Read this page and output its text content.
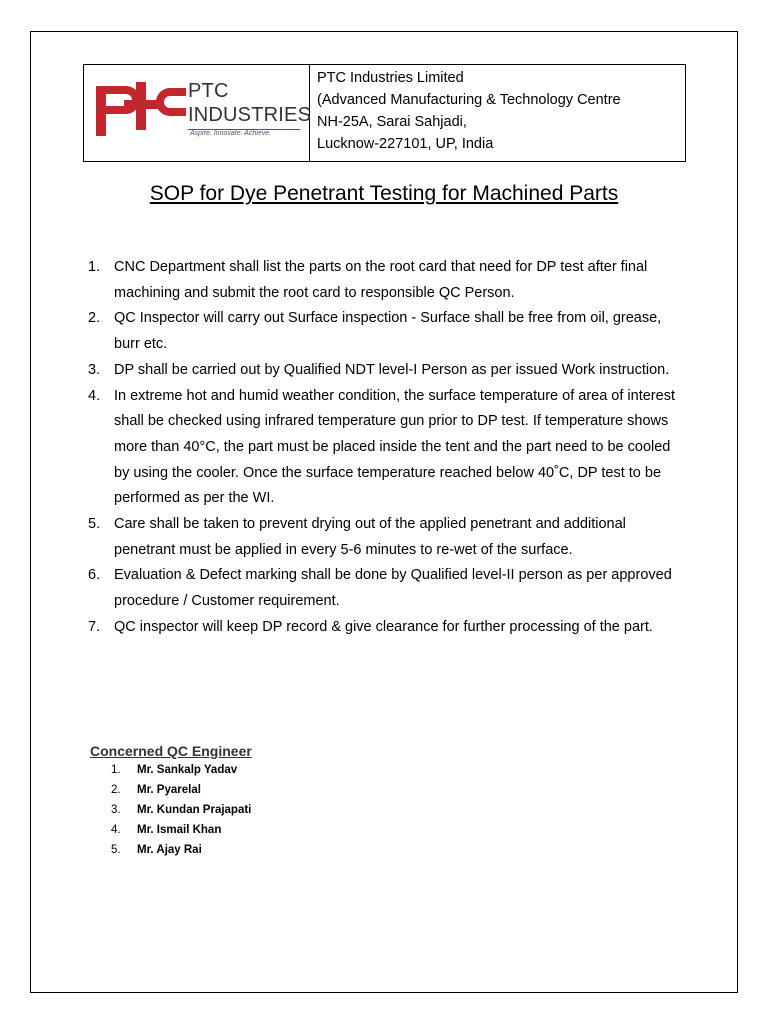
PTC
INDUSTRIES
Aspire. Innovate. Achieve.
PTC Industries Limited
(Advanced Manufacturing & Technology Centre
NH-25A, Sarai Sahjadi,
Lucknow-227101, UP, India
SOP for Dye Penetrant Testing for Machined Parts
1. CNC Department shall list the parts on the root card that need for DP test after final machining and submit the root card to responsible QC Person.
2. QC Inspector will carry out Surface inspection - Surface shall be free from oil, grease, burr etc.
3. DP shall be carried out by Qualified NDT level-I Person as per issued Work instruction.
4. In extreme hot and humid weather condition, the surface temperature of area of interest shall be checked using infrared temperature gun prior to DP test. If temperature shows more than 40°C, the part must be placed inside the tent and the part need to be cooled by using the cooler. Once the surface temperature reached below 40˚C, DP test to be performed as per the WI.
5. Care shall be taken to prevent drying out of the applied penetrant and additional penetrant must be applied in every 5-6 minutes to re-wet of the surface.
6. Evaluation & Defect marking shall be done by Qualified level-II person as per approved procedure / Customer requirement.
7. QC inspector will keep DP record & give clearance for further processing of the part.
Concerned QC Engineer
1. Mr. Sankalp Yadav
2. Mr. Pyarelal
3. Mr. Kundan Prajapati
4. Mr. Ismail Khan
5. Mr. Ajay Rai
